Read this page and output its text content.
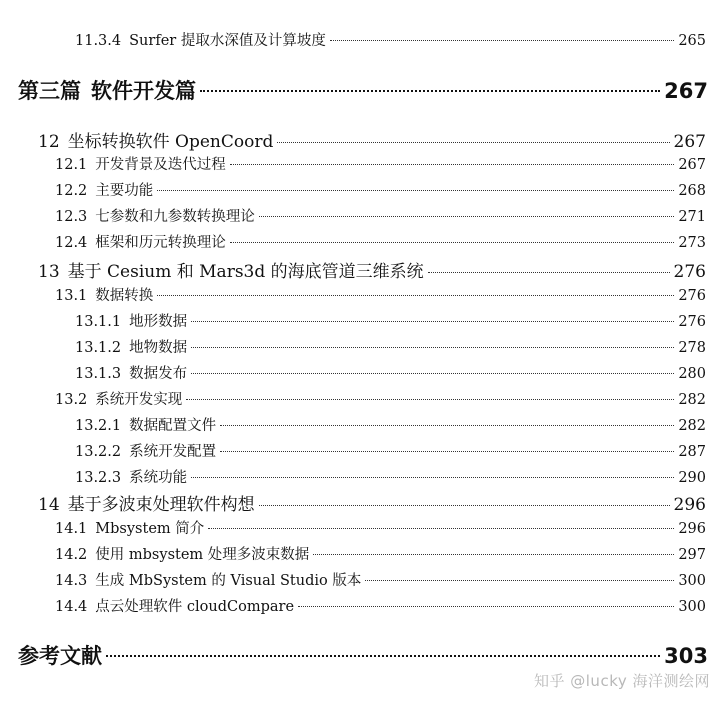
11.3.4 Surfer 提取水深值及计算坡度	265
第三篇 软件开发篇	267
12 坐标转换软件 OpenCoord	267
12.1 开发背景及迭代过程	267
12.2 主要功能	268
12.3 七参数和九参数转换理论	271
12.4 框架和历元转换理论	273
13 基于 Cesium 和 Mars3d 的海底管道三维系统	276
13.1 数据转换	276
13.1.1 地形数据	276
13.1.2 地物数据	278
13.1.3 数据发布	280
13.2 系统开发实现	282
13.2.1 数据配置文件	282
13.2.2 系统开发配置	287
13.2.3 系统功能	290
14 基于多波束处理软件构想	296
14.1 Mbsystem 简介	296
14.2 使用 mbsystem 处理多波束数据	297
14.3 生成 MbSystem 的 Visual Studio 版本	300
14.4 点云处理软件 cloudCompare	300
参考文献	303
知乎 @lucky 海洋测绘网
